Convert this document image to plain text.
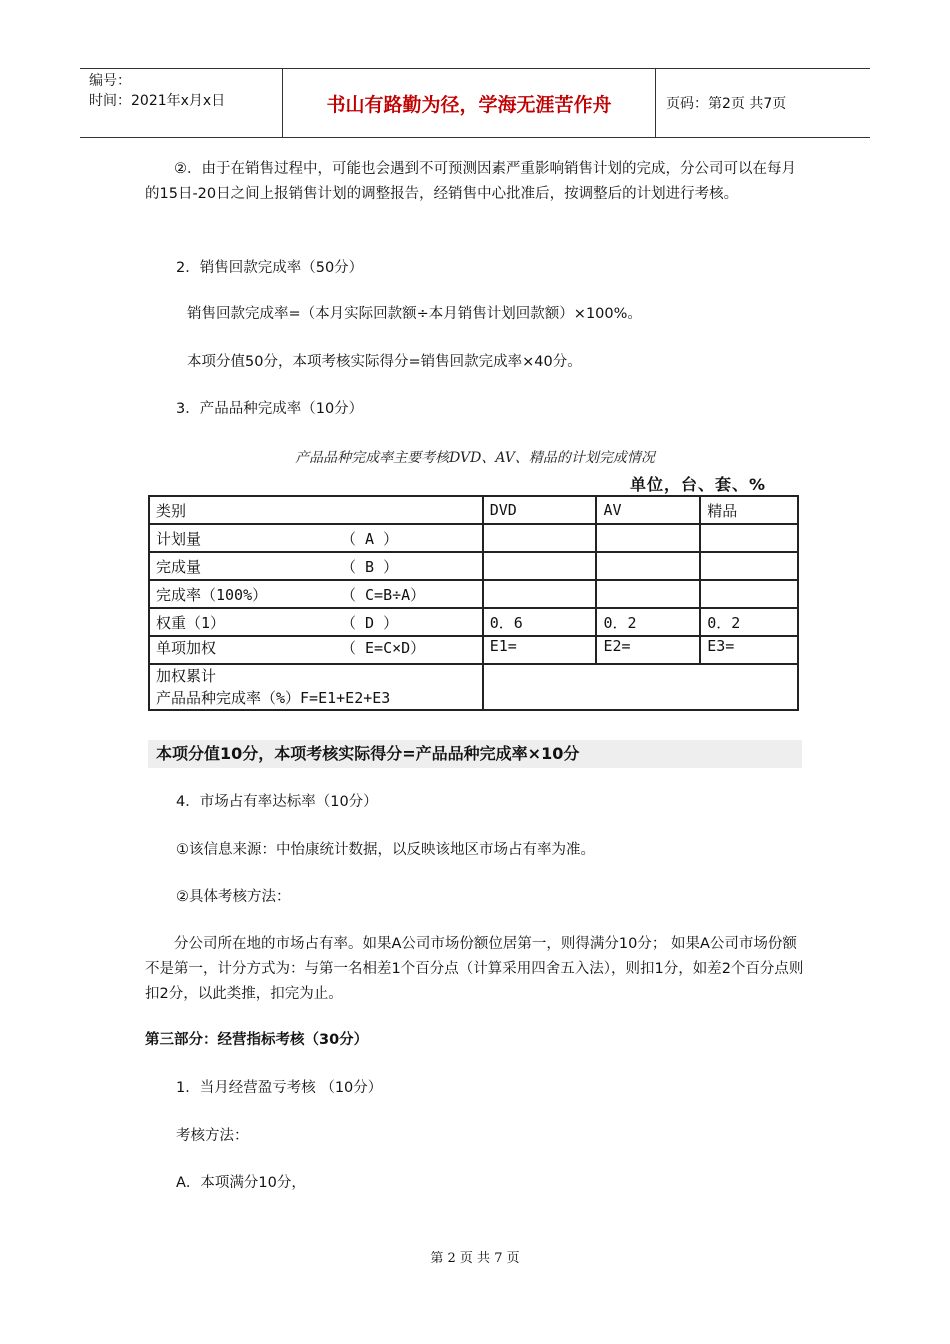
编号：
时间：2021年x月x日	书山有路勤为径，学海无涯苦作舟	页码：第2页 共7页
②．由于在销售过程中，可能也会遇到不可预测因素严重影响销售计划的完成，分公司可以在每月的15日-20日之间上报销售计划的调整报告，经销售中心批准后，按调整后的计划进行考核。
2．销售回款完成率（50分）
销售回款完成率=（本月实际回款额÷本月销售计划回款额）×100%。
本项分值50分，本项考核实际得分=销售回款完成率×40分。
3．产品品种完成率（10分）
产品品种完成率主要考核DVD、AV、精品的计划完成情况
单位，台、套、%
类别	DVD	AV	精品

计划量 （ A ）			

完成量 （ B ）			

完成率（100%） （ C=B÷A）			

权重（1） （ D ）	0．6	0．2	0．2

单项加权 （ E=C×D）	E1=	E2=	E3=

加权累计
产品品种完成率（%）F=E1+E2+E3			

本项分值10分，本项考核实际得分=产品品种完成率×10分
4．市场占有率达标率（10分）
①该信息来源：中怡康统计数据，以反映该地区市场占有率为准。
②具体考核方法：
分公司所在地的市场占有率。如果A公司市场份额位居第一，则得满分10分； 如果A公司市场份额不是第一，计分方式为：与第一名相差1个百分点（计算采用四舍五入法），则扣1分，如差2个百分点则扣2分，以此类推，扣完为止。
第三部分：经营指标考核（30分）
1．当月经营盈亏考核 （10分）
考核方法：
A．本项满分10分，
第 2 页 共 7 页
